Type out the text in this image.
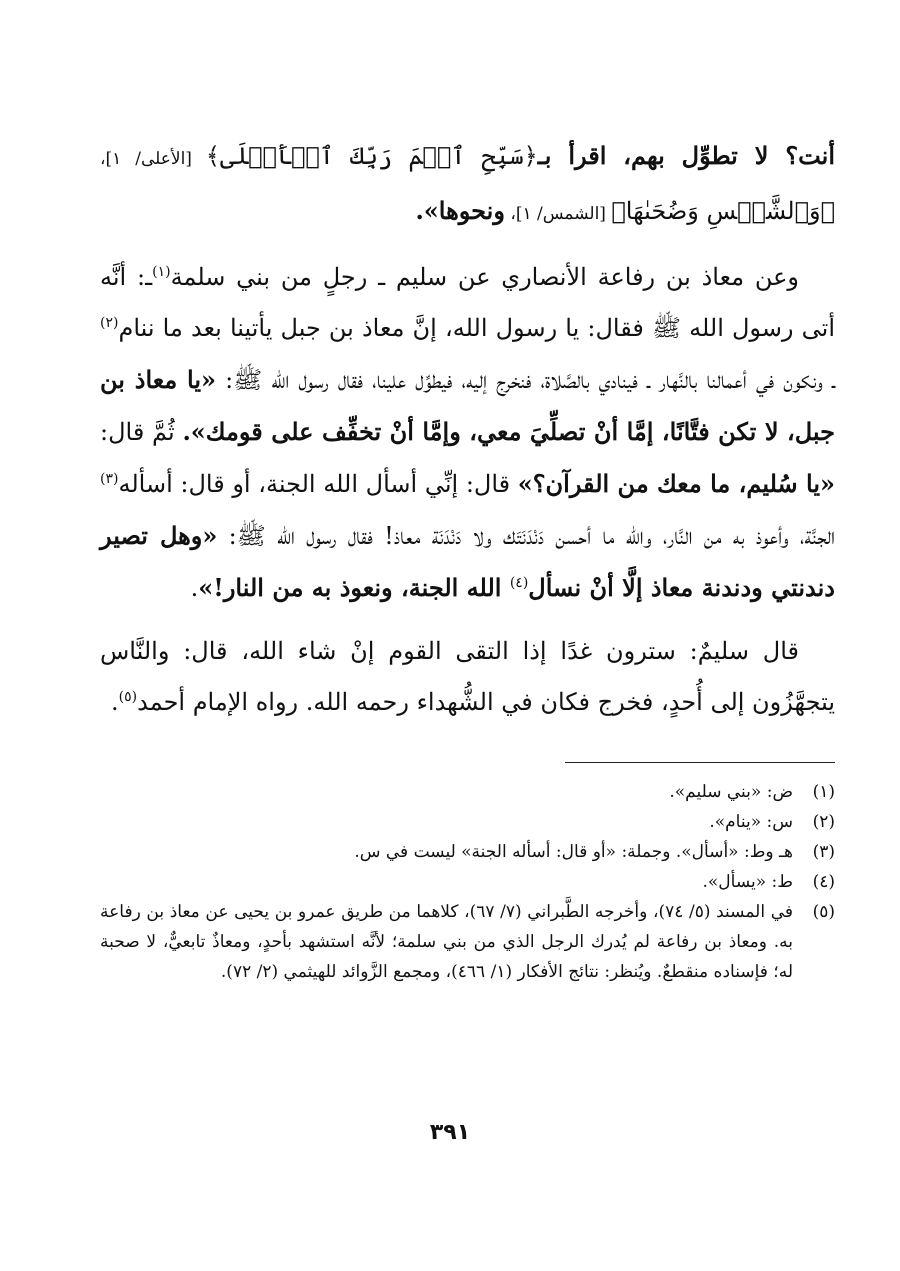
أنت؟ لا تطوِّل بهم، اقرأ بـ﴿سَبِّحِ ٱسۡمَ رَبِّكَ ٱلۡأَعۡلَى﴾ [الأعلى/ ١]، ﴿وَٱلشَّمۡسِ وَضُحَىٰهَا﴾ [الشمس/ ١]، ونحوها».

وعن معاذ بن رفاعة الأنصاري عن سليم ـ رجلٍ من بني سلمة$^{(١)}$ـ: أنَّه أتى رسول الله ﷺ فقال: يا رسول الله، إنَّ معاذ بن جبل يأتينا بعد ما ننام$^{(٢)}$ ـ ونكون في أعمالنا بالنَّهار ـ فينادي بالصَّلاة، فنخرج إليه، فيطوِّل علينا، فقال رسول الله ﷺ: «يا معاذ بن جبل، لا تكن فتَّانًا، إمَّا أنْ تصلِّيَ معي، وإمَّا أنْ تخفِّف على قومك». ثُمَّ قال: «يا سُليم، ما معك من القرآن؟» قال: إنِّي أسأل الله الجنة، أو قال: أسأله$^{(٣)}$ الجنَّة، وأعوذ به من النَّار، والله ما أحسن دَنْدَنَتَك ولا دَنْدَنَة معاذ! فقال رسول الله ﷺ: «وهل تصير دندنتي ودندنة معاذ إلَّا أنْ نسأل$^{(٤)}$ الله الجنة، ونعوذ به من النار!».

قال سليمٌ: سترون غدًا إذا التقى القوم إنْ شاء الله، قال: والنَّاس يتجهَّزُون إلى أُحدٍ، فخرج فكان في الشُّهداء رحمه الله. رواه الإمام أحمد$^{(٥)}$.

(١)
ض: «بني سليم».
(٢)
س: «ينام».
(٣)
هـ وط: «أسأل». وجملة: «أو قال: أسأله الجنة» ليست في س.
(٤)
ط: «يسأل».
(٥)
في المسند (٥/ ٧٤)، وأخرجه الطَّبراني (٧/ ٦٧)، كلاهما من طريق عمرو بن يحيى عن معاذ بن رفاعة به. ومعاذ بن رفاعة لم يُدرك الرجل الذي من بني سلمة؛ لأنَّه استشهد بأحدٍ، ومعاذٌ تابعيٌّ، لا صحبة له؛ فإسناده منقطعٌ. ويُنظر: نتائج الأفكار (١/ ٤٦٦)، ومجمع الزَّوائد للهيثمي (٢/ ٧٢).
٣٩١
